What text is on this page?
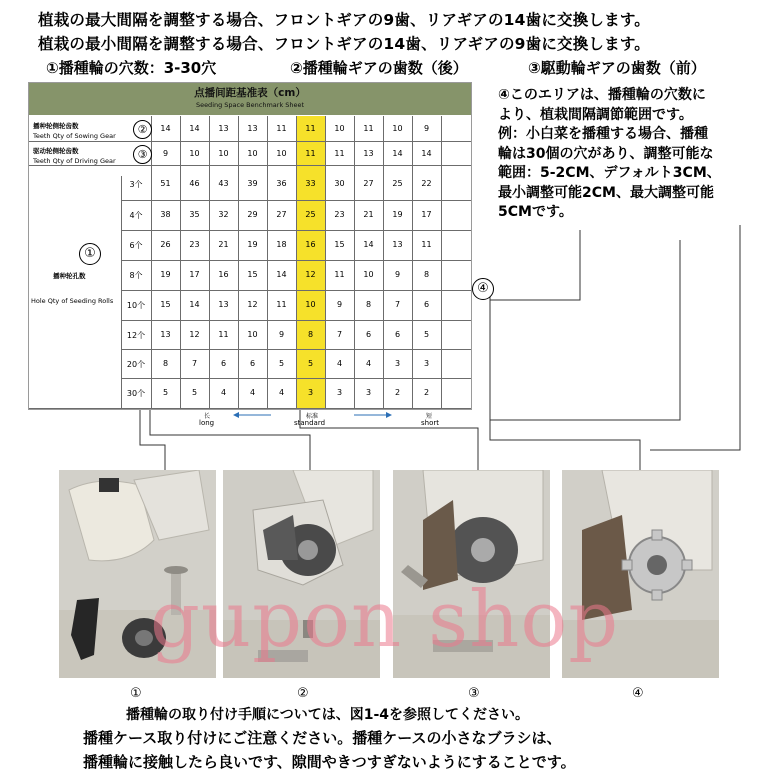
植栽の最大間隔を調整する場合、フロントギアの9歯、リアギアの14歯に交換します。
植栽の最小間隔を調整する場合、フロントギアの14歯、リアギアの9歯に交換します。
①播種輪の穴数：3-30穴	②播種輪ギアの歯数（後）	③駆動輪ギアの歯数（前）
④このエリアは、播種輪の穴数に
より、植栽間隔調節範囲です。
例：小白菜を播種する場合、播種
輪は30個の穴があり、調整可能な
範囲：5-2CM、デフォルト3CM、
最小調整可能2CM、最大調整可能
5CMです。
点播间距基准表（cm）
Seeding Space Benchmark Sheet
播种轮侧轮齿数
Teeth Qty of Sowing Gear
驱动轮侧轮齿数
Teeth Qty of Driving Gear
播种轮孔数
Hole Qty of Seeding Rolls
②
③
①
长
long
标准
standard
短
short
14	14	13	13	11	11	10	11	10	9
9	10	10	10	10	11	11	13	14	14
3个	51	46	43	39	36	33	30	27	25	22
4个	38	35	32	29	27	25	23	21	19	17
6个	26	23	21	19	18	16	15	14	13	11
8个	19	17	16	15	14	12	11	10	9	8
10个	15	14	13	12	11	10	9	8	7	6
12个	13	12	11	10	9	8	7	6	6	5
20个	8	7	6	6	5	5	4	4	3	3
30个	5	5	4	4	4	3	3	3	2	2
④
gupon shop
①	②	③	④
播種輪の取り付け手順については、図1-4を参照してください。
播種ケース取り付けにご注意ください。播種ケースの小さなブラシは、
播種輪に接触したら良いです、隙間やきつすぎないようにすることです。
